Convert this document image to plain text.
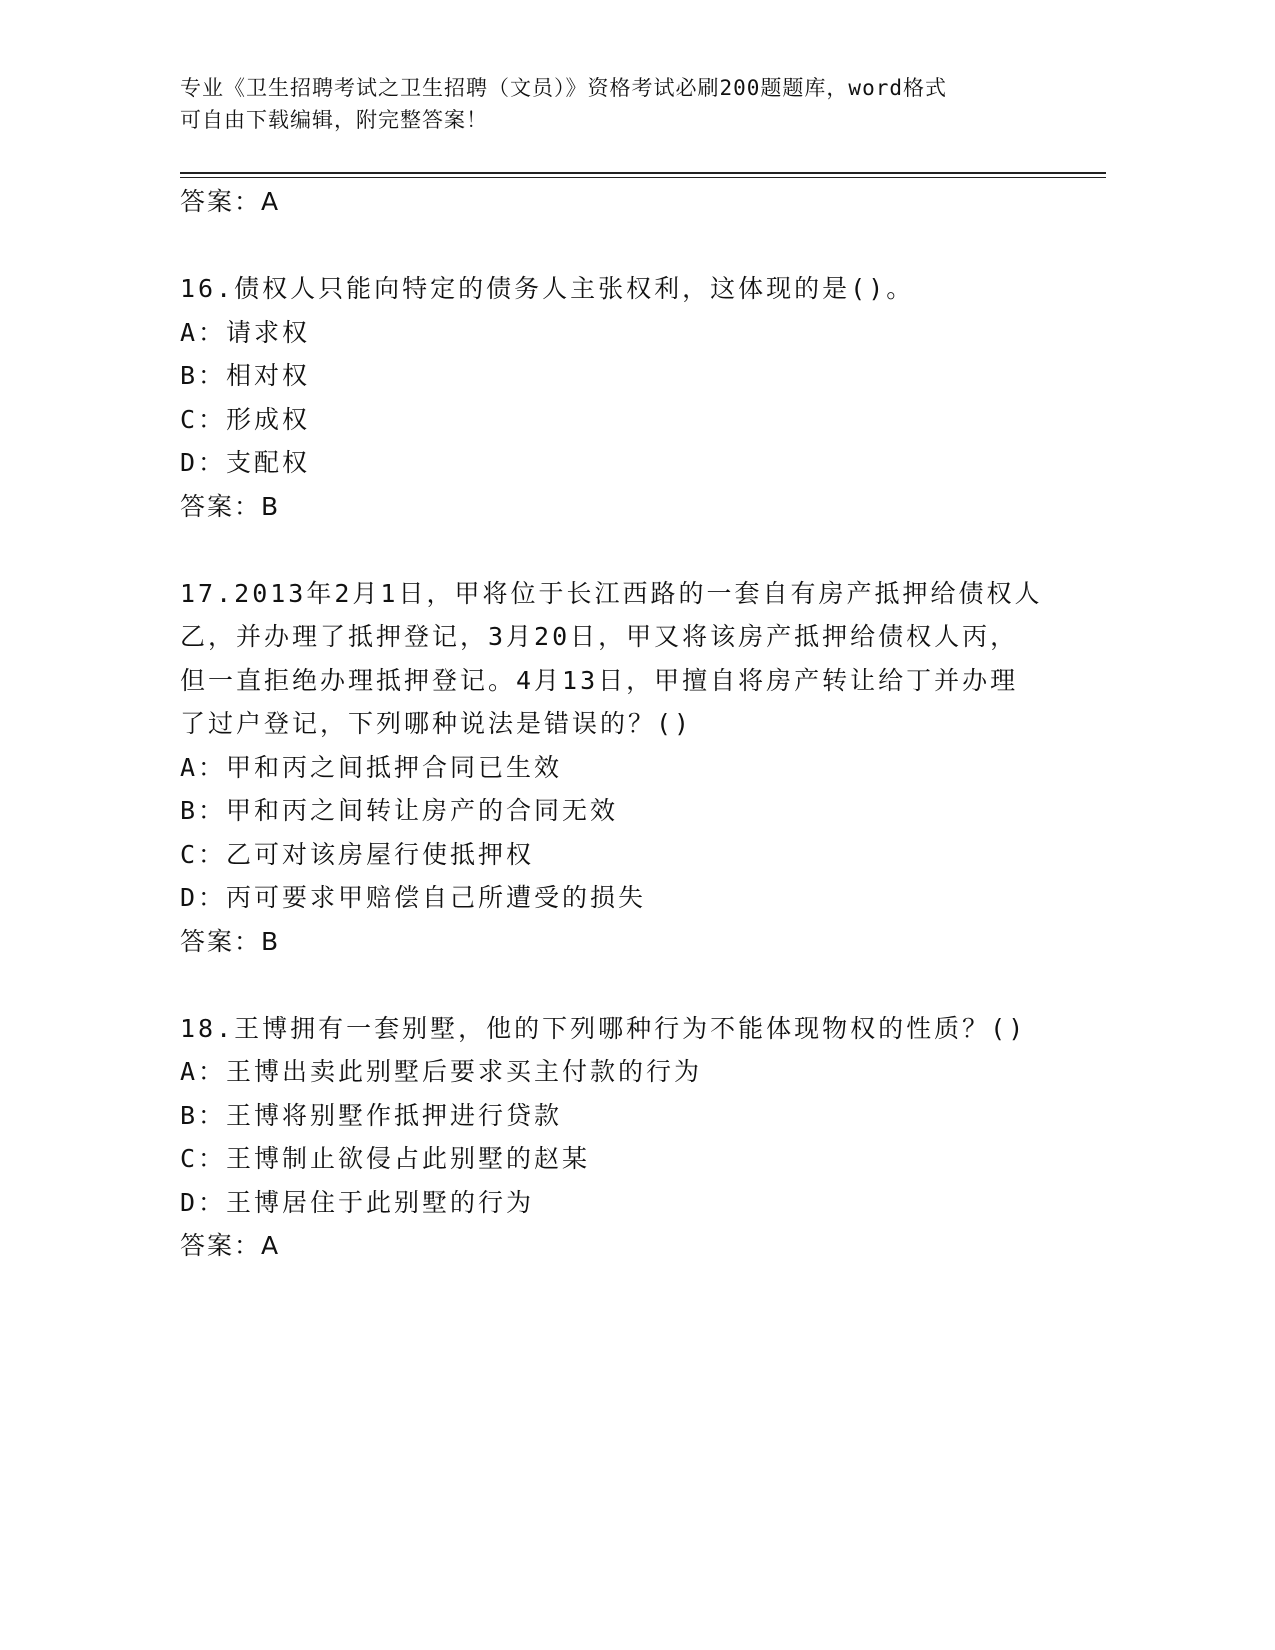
专业《卫生招聘考试之卫生招聘（文员）》资格考试必刷200题题库，word格式
可自由下载编辑，附完整答案！
答案：A
16.债权人只能向特定的债务人主张权利，这体现的是()。
A：请求权
B：相对权
C：形成权
D：支配权
答案：B
17.2013年2月1日，甲将位于长江西路的一套自有房产抵押给债权人
乙，并办理了抵押登记，3月20日，甲又将该房产抵押给债权人丙，
但一直拒绝办理抵押登记。4月13日，甲擅自将房产转让给丁并办理
了过户登记，下列哪种说法是错误的？()
A：甲和丙之间抵押合同已生效
B：甲和丙之间转让房产的合同无效
C：乙可对该房屋行使抵押权
D：丙可要求甲赔偿自己所遭受的损失
答案：B
18.王博拥有一套别墅，他的下列哪种行为不能体现物权的性质？()
A：王博出卖此别墅后要求买主付款的行为
B：王博将别墅作抵押进行贷款
C：王博制止欲侵占此别墅的赵某
D：王博居住于此别墅的行为
答案：A
